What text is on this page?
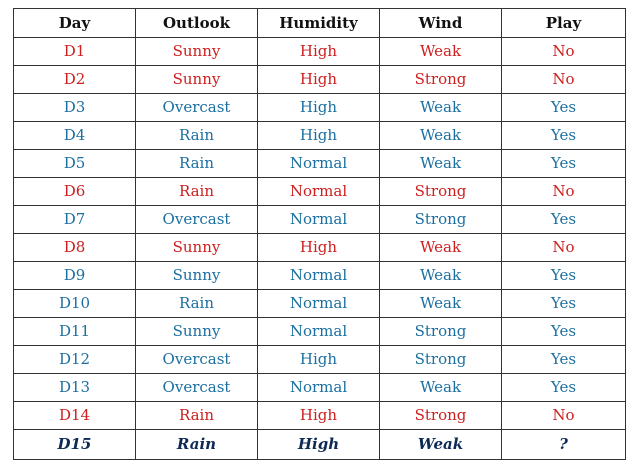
Day	Outlook	Humidity	Wind	Play
D1	Sunny	High	Weak	No
D2	Sunny	High	Strong	No
D3	Overcast	High	Weak	Yes
D4	Rain	High	Weak	Yes
D5	Rain	Normal	Weak	Yes
D6	Rain	Normal	Strong	No
D7	Overcast	Normal	Strong	Yes
D8	Sunny	High	Weak	No
D9	Sunny	Normal	Weak	Yes
D10	Rain	Normal	Weak	Yes
D11	Sunny	Normal	Strong	Yes
D12	Overcast	High	Strong	Yes
D13	Overcast	Normal	Weak	Yes
D14	Rain	High	Strong	No
D15	Rain	High	Weak	?
